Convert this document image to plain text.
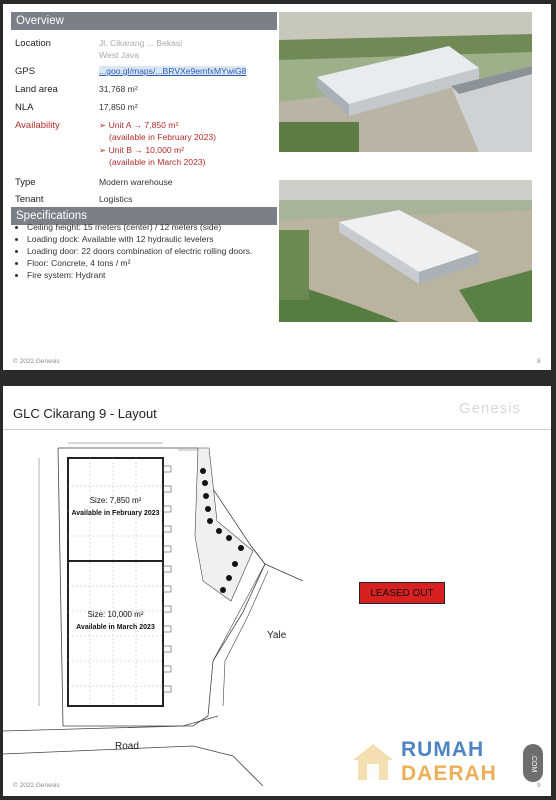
Overview
Location	Jl. Cikarang ... Bekasi
West Java
GPS	...goo.gl/maps/...BRVXe9emfxMYwiG8
Land area	31,768 m²
NLA	17,850 m²
Availability	➢ Unit A → 7,850 m²
(available in February 2023)
➢ Unit B → 10,000 m²
(available in March 2023)
Type	Modern warehouse
Tenant	Logistics
Specifications
• Ceiling height: 15 meters (center) / 12 meters (side)
• Loading dock: Available with 12 hydraulic levelers
• Loading door: 22 doors combination of electric rolling doors.
• Floor: Concrete, 4 tons / m²
• Fire system: Hydrant
© 2022 Genesis	8
GLC Cikarang 9 - Layout	Genesis
Size: 7,850 m²
Available in February 2023
Size: 10,000 m²
Available in March 2023
LEASED OUT
Yale
Road
© 2022 Genesis	9
RUMAH
DAERAH	.COM
